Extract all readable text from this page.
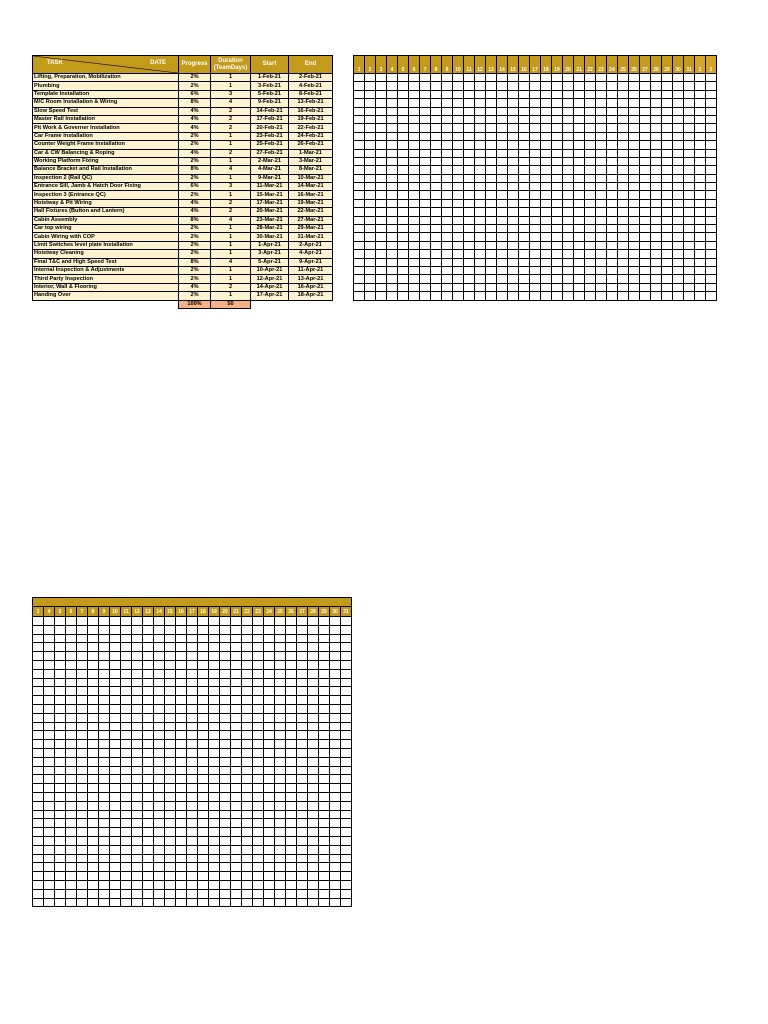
TASK DATE	Progress	Duration
(TeamDays)	Start	End
Lifting, Preparation, Mobilization	2%	1	1-Feb-21	2-Feb-21
Plumbing	2%	1	3-Feb-21	4-Feb-21
Template Installation	6%	3	5-Feb-21	8-Feb-21
M/C Room Installation & Wiring	8%	4	9-Feb-21	13-Feb-21
Slow Speed Test	4%	2	14-Feb-21	16-Feb-21
Master Rail Installation	4%	2	17-Feb-21	19-Feb-21
Pit Work & Governer Installation	4%	2	20-Feb-21	22-Feb-21
Car Frame Installation	2%	1	23-Feb-21	24-Feb-21
Counter Weight Frame Installation	2%	1	25-Feb-21	26-Feb-21
Car & CW Balancing & Roping	4%	2	27-Feb-21	1-Mar-21
Working Platform Fixing	2%	1	2-Mar-21	3-Mar-21
Balance Bracket and Rail Installation	8%	4	4-Mar-21	8-Mar-21
Inspection 2 (Rail QC)	2%	1	9-Mar-21	10-Mar-21
Entrance Sill, Jamb & Hatch Door Fixing	6%	3	11-Mar-21	14-Mar-21
Inspection 3 (Entrance QC)	2%	1	15-Mar-21	16-Mar-21
Hoistway & Pit Wiring	4%	2	17-Mar-21	19-Mar-21
Hall Fixtures (Button and Lantern)	4%	2	20-Mar-21	22-Mar-21
Cabin Assembly	8%	4	23-Mar-21	27-Mar-21
Car top wiring	2%	1	28-Mar-21	29-Mar-21
Cabin Wiring with COP	2%	1	30-Mar-21	31-Mar-21
Limit Switches level plate Installation	2%	1	1-Apr-21	2-Apr-21
Hoistway Cleaning	2%	1	3-Apr-21	4-Apr-21
Final T&C and High Speed Test	8%	4	5-Apr-21	9-Apr-21
Internal Inspection & Adjustments	2%	1	10-Apr-21	11-Apr-21
Third Party Inspection	2%	1	12-Apr-21	13-Apr-21
Interior, Wall & Flooring	4%	2	14-Apr-21	16-Apr-21
Handing Over	2%	1	17-Apr-21	18-Apr-21
	100%	50		
1	2	3	4	5	6	7	8	9	10	11	12	13	14	15	16	17	18	19	20	21	22	23	24	25	26	27	28	29	30	31	1	2

3	4	5	6	7	8	9	10	11	12	13	14	15	16	17	18	19	20	21	22	23	24	25	26	27	28	29	30	31
